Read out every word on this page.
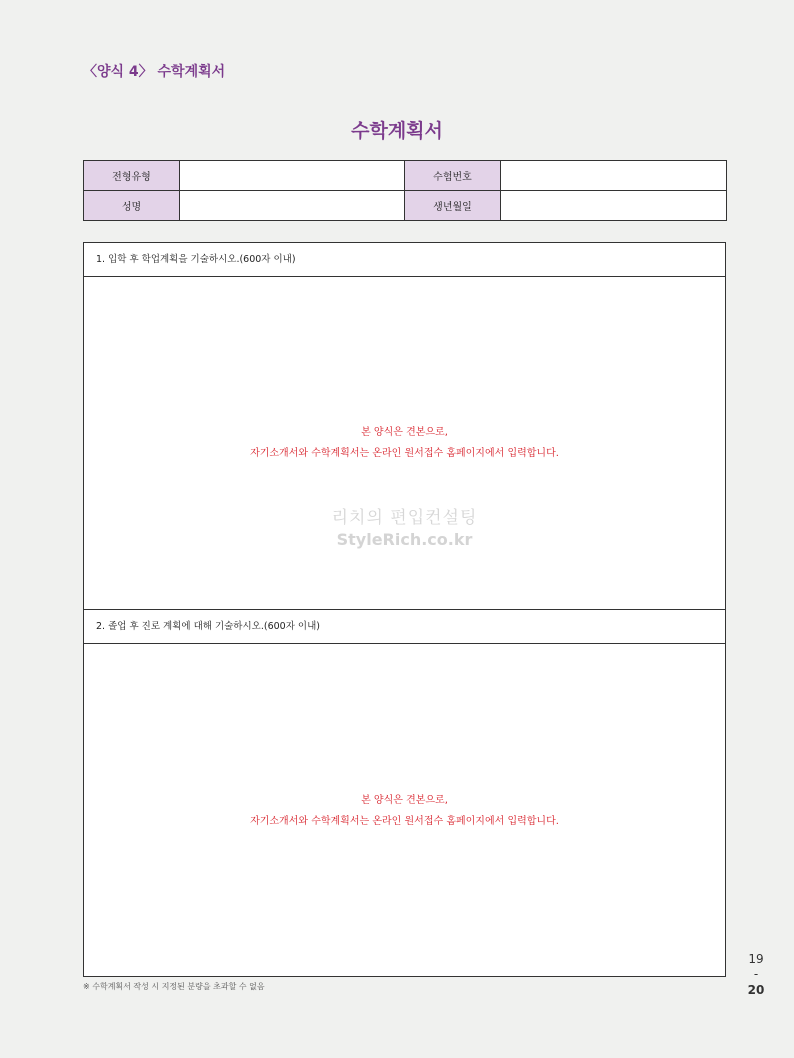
〈양식 4〉 수학계획서
수학계획서
전형유형		수험번호	
성명		생년월일	
1. 입학 후 학업계획을 기술하시오.(600자 이내)
본 양식은 견본으로,
자기소개서와 수학계획서는 온라인 원서접수 홈페이지에서 입력합니다.
리치의 편입컨설팅
StyleRich.co.kr
2. 졸업 후 진로 계획에 대해 기술하시오.(600자 이내)
본 양식은 견본으로,
자기소개서와 수학계획서는 온라인 원서접수 홈페이지에서 입력합니다.
※ 수학계획서 작성 시 지정된 분량을 초과할 수 없음
19
-
20
